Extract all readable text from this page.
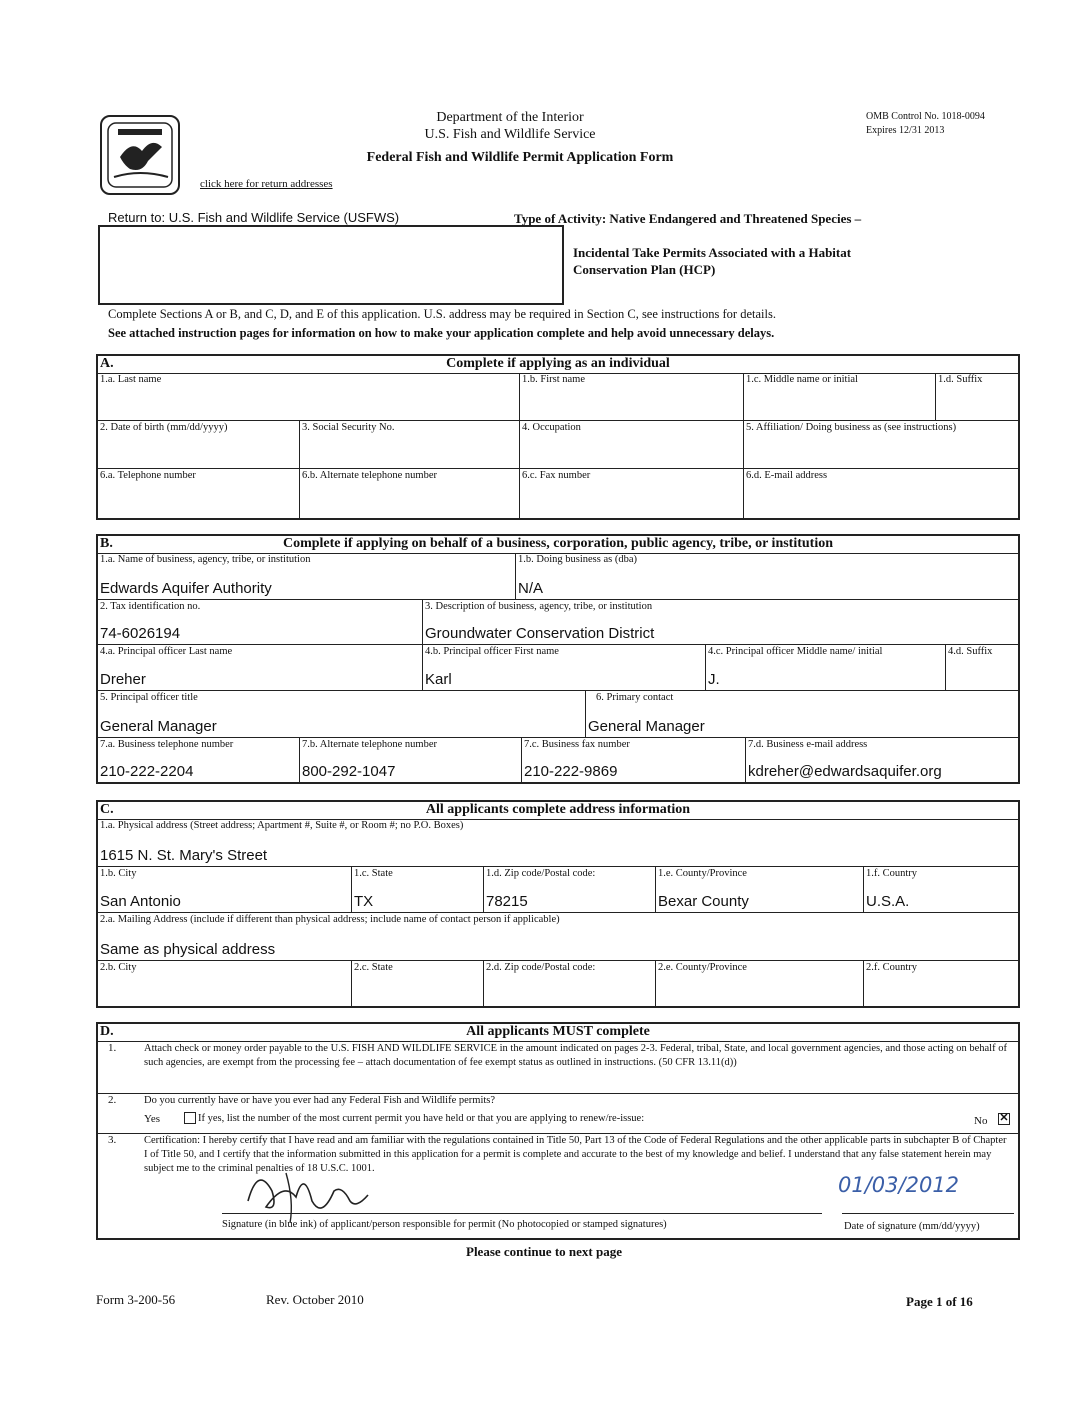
Department of the Interior
U.S. Fish and Wildlife Service
Federal Fish and Wildlife Permit Application Form
OMB Control No. 1018-0094
Expires 12/31 2013
click here for return addresses
Return to: U.S. Fish and Wildlife Service (USFWS)	Type of Activity: Native Endangered and Threatened Species –
Incidental Take Permits Associated with a Habitat
Conservation Plan (HCP)
Complete Sections A or B, and C, D, and E of this application. U.S. address may be required in Section C, see instructions for details.
See attached instruction pages for information on how to make your application complete and help avoid unnecessary delays.
A.	Complete if applying as an individual
1.a. Last name	1.b. First name	1.c. Middle name or initial	1.d. Suffix
2. Date of birth (mm/dd/yyyy)	3. Social Security No.	4. Occupation	5. Affiliation/ Doing business as (see instructions)
6.a. Telephone number	6.b. Alternate telephone number	6.c. Fax number	6.d. E-mail address
B.	Complete if applying on behalf of a business, corporation, public agency, tribe, or institution
1.a. Name of business, agency, tribe, or institution
Edwards Aquifer Authority
1.b. Doing business as (dba)
N/A
2. Tax identification no.
74-6026194
3. Description of business, agency, tribe, or institution
Groundwater Conservation District
4.a. Principal officer Last name
Dreher
4.b. Principal officer First name
Karl
4.c. Principal officer Middle name/ initial
J.
4.d. Suffix
5. Principal officer title
General Manager
6. Primary contact
General Manager
7.a. Business telephone number
210-222-2204
7.b. Alternate telephone number
800-292-1047
7.c. Business fax number
210-222-9869
7.d. Business e-mail address
kdreher@edwardsaquifer.org
C.	All applicants complete address information
1.a. Physical address (Street address; Apartment #, Suite #, or Room #; no P.O. Boxes)
1615 N. St. Mary's Street
1.b. City
San Antonio
1.c. State
TX
1.d. Zip code/Postal code:
78215
1.e. County/Province
Bexar County
1.f. Country
U.S.A.
2.a. Mailing Address (include if different than physical address; include name of contact person if applicable)
Same as physical address
2.b. City	2.c. State	2.d. Zip code/Postal code:	2.e. County/Province	2.f. Country
D.	All applicants MUST complete
1.	Attach check or money order payable to the U.S. FISH AND WILDLIFE SERVICE in the amount indicated on pages 2-3. Federal, tribal, State, and local government agencies, and those acting on behalf of such agencies, are exempt from the processing fee – attach documentation of fee exempt status as outlined in instructions. (50 CFR 13.11(d))
2.	Do you currently have or have you ever had any Federal Fish and Wildlife permits?
Yes	If yes, list the number of the most current permit you have held or that you are applying to renew/re-issue:	No ✕
3.	Certification: I hereby certify that I have read and am familiar with the regulations contained in Title 50, Part 13 of the Code of Federal Regulations and the other applicable parts in subchapter B of Chapter I of Title 50, and I certify that the information submitted in this application for a permit is complete and accurate to the best of my knowledge and belief. I understand that any false statement herein may subject me to the criminal penalties of 18 U.S.C. 1001.
01/03/2012
Signature (in blue ink) of applicant/person responsible for permit (No photocopied or stamped signatures)	Date of signature (mm/dd/yyyy)
Please continue to next page
Form 3-200-56	Rev. October 2010	Page 1 of 16
